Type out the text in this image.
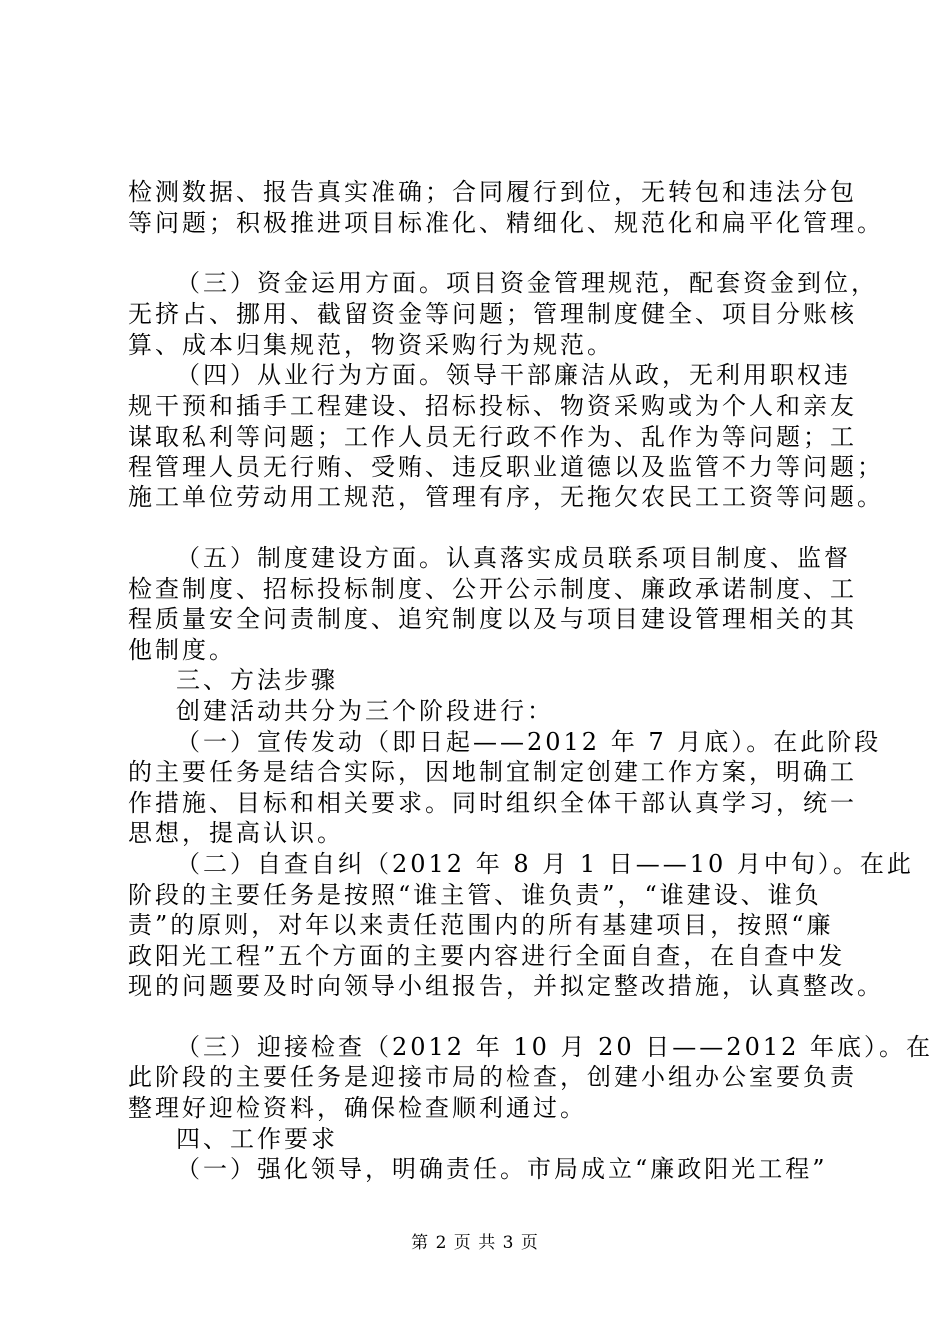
检测数据、报告真实准确；合同履行到位，无转包和违法分包
等问题；积极推进项目标准化、精细化、规范化和扁平化管理。
（三）资金运用方面。项目资金管理规范，配套资金到位，
无挤占、挪用、截留资金等问题；管理制度健全、项目分账核
算、成本归集规范，物资采购行为规范。
（四）从业行为方面。领导干部廉洁从政，无利用职权违
规干预和插手工程建设、招标投标、物资采购或为个人和亲友
谋取私利等问题；工作人员无行政不作为、乱作为等问题；工
程管理人员无行贿、受贿、违反职业道德以及监管不力等问题；
施工单位劳动用工规范，管理有序，无拖欠农民工工资等问题。
（五）制度建设方面。认真落实成员联系项目制度、监督
检查制度、招标投标制度、公开公示制度、廉政承诺制度、工
程质量安全问责制度、追究制度以及与项目建设管理相关的其
他制度。
三、方法步骤
创建活动共分为三个阶段进行：
（一）宣传发动（即日起——2012 年 7 月底）。在此阶段
的主要任务是结合实际，因地制宜制定创建工作方案，明确工
作措施、目标和相关要求。同时组织全体干部认真学习，统一
思想，提高认识。
（二）自查自纠（2012 年 8 月 1 日——10 月中旬）。在此
阶段的主要任务是按照“谁主管、谁负责”，“谁建设、谁负
责”的原则，对年以来责任范围内的所有基建项目，按照“廉
政阳光工程”五个方面的主要内容进行全面自查，在自查中发
现的问题要及时向领导小组报告，并拟定整改措施，认真整改。
（三）迎接检查（2012 年 10 月 20 日——2012 年底）。在
此阶段的主要任务是迎接市局的检查，创建小组办公室要负责
整理好迎检资料，确保检查顺利通过。
四、工作要求
（一）强化领导，明确责任。市局成立“廉政阳光工程”
第 2 页 共 3 页
